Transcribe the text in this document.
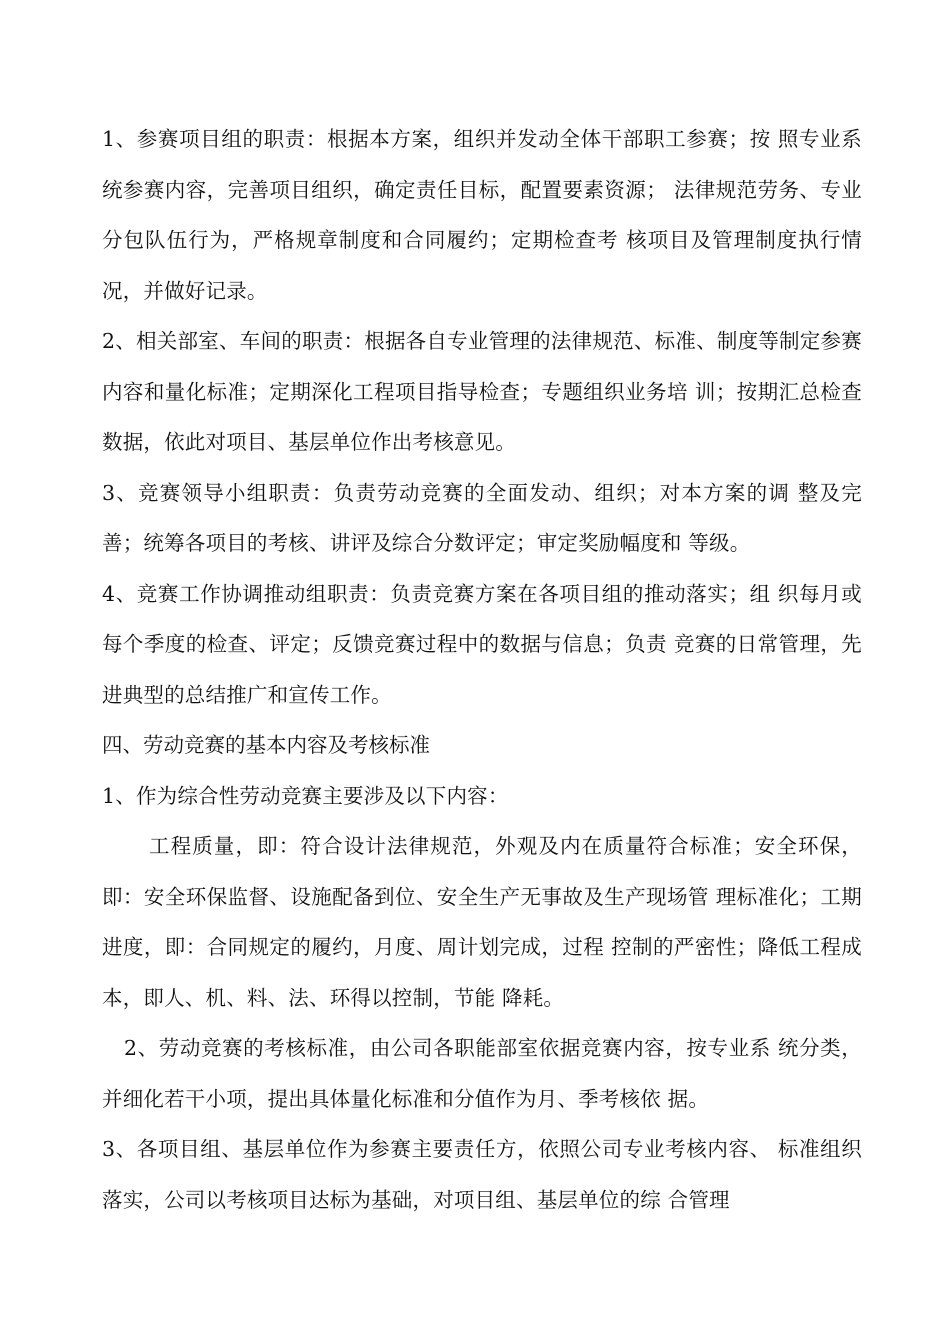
1、参赛项目组的职责：根据本方案，组织并发动全体干部职工参赛；按 照专业系统参赛内容，完善项目组织，确定责任目标，配置要素资源； 法律规范劳务、专业分包队伍行为，严格规章制度和合同履约；定期检查考 核项目及管理制度执行情况，并做好记录。

2、相关部室、车间的职责：根据各自专业管理的法律规范、标准、制度等制定参赛内容和量化标准；定期深化工程项目指导检查；专题组织业务培 训；按期汇总检查数据，依此对项目、基层单位作出考核意见。

3、竞赛领导小组职责：负责劳动竞赛的全面发动、组织；对本方案的调 整及完善；统筹各项目的考核、讲评及综合分数评定；审定奖励幅度和 等级。

4、竞赛工作协调推动组职责：负责竞赛方案在各项目组的推动落实；组 织每月或每个季度的检查、评定；反馈竞赛过程中的数据与信息；负责 竞赛的日常管理，先进典型的总结推广和宣传工作。

四、劳动竞赛的基本内容及考核标准

1、作为综合性劳动竞赛主要涉及以下内容：

工程质量，即：符合设计法律规范，外观及内在质量符合标准；安全环保，即：安全环保监督、设施配备到位、安全生产无事故及生产现场管 理标准化；工期进度，即：合同规定的履约，月度、周计划完成，过程 控制的严密性；降低工程成本，即人、机、料、法、环得以控制，节能 降耗。

2、劳动竞赛的考核标准，由公司各职能部室依据竞赛内容，按专业系 统分类，并细化若干小项，提出具体量化标准和分值作为月、季考核依 据。

3、各项目组、基层单位作为参赛主要责任方，依照公司专业考核内容、 标准组织落实，公司以考核项目达标为基础，对项目组、基层单位的综 合管理
